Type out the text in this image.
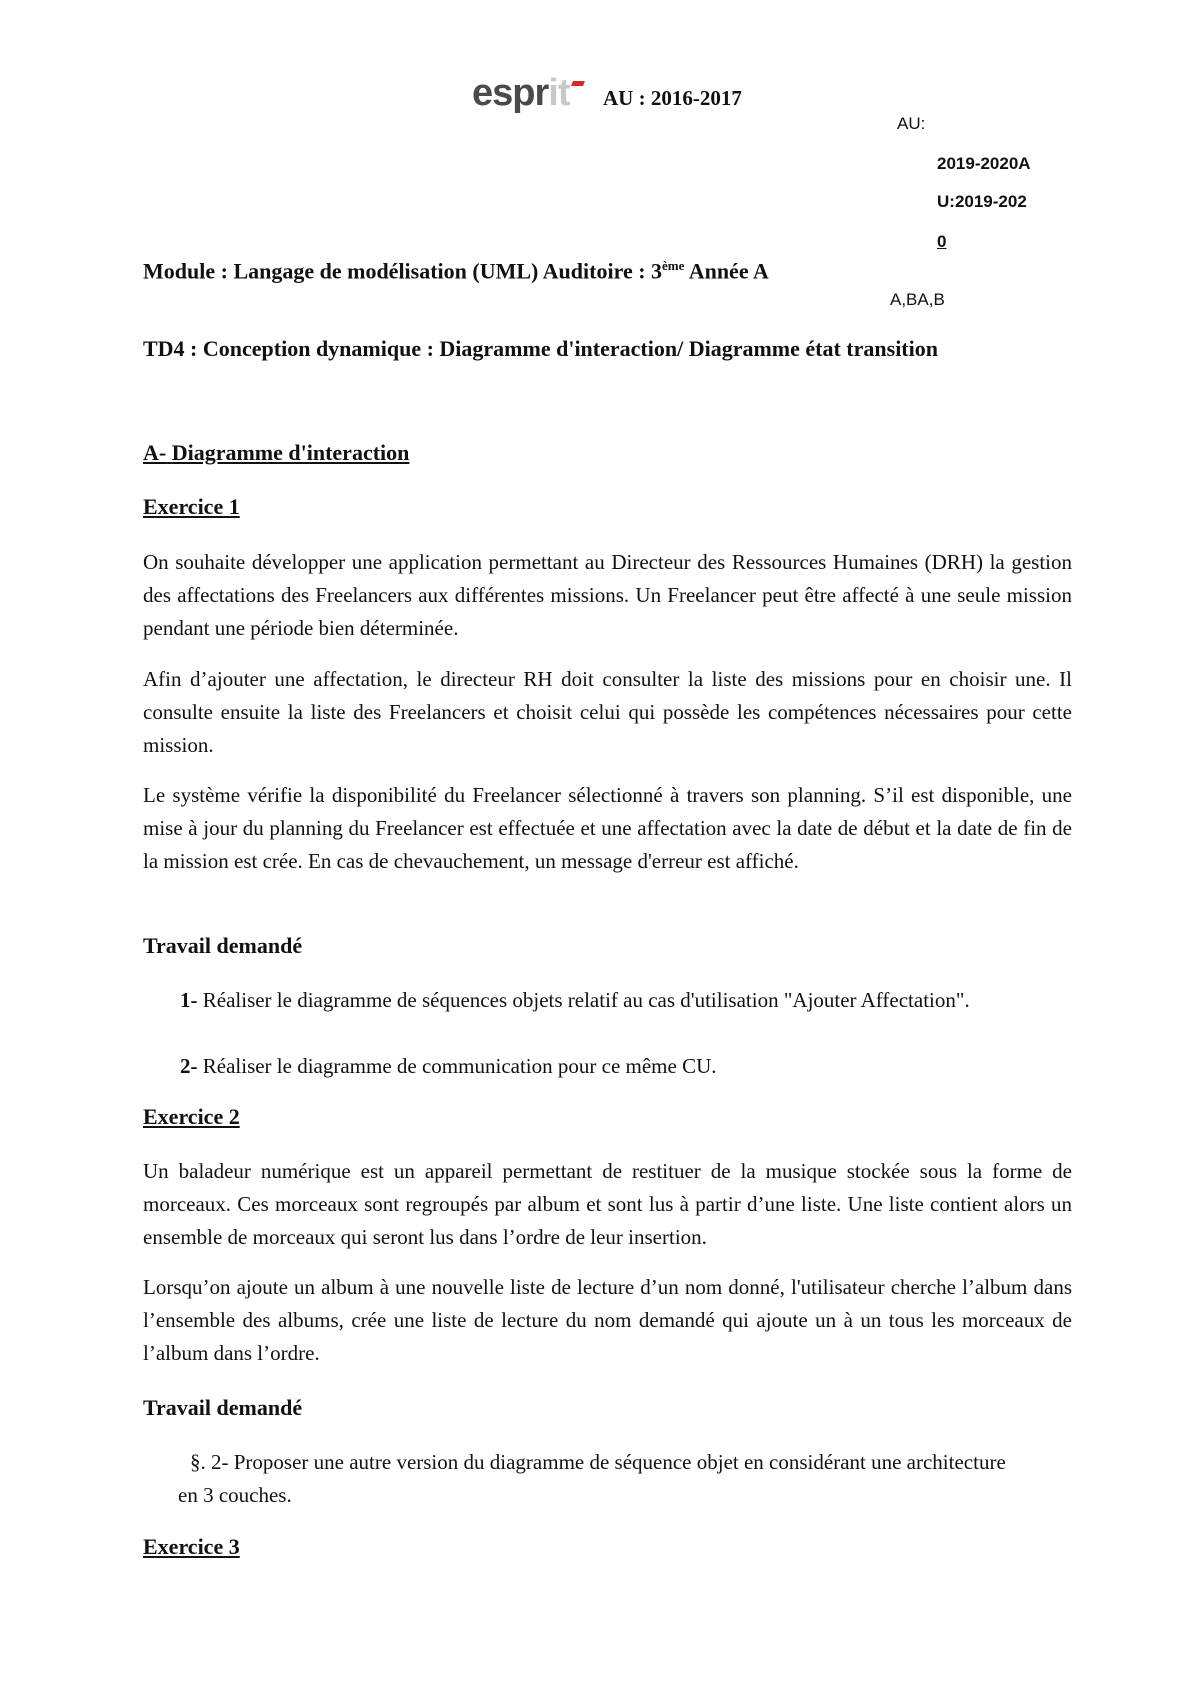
esprit AU : 2016-2017
AU:
2019-2020A
U:2019-202
0
A,BA,B
Module : Langage de modélisation (UML) Auditoire : 3ème Année A
TD4 : Conception dynamique : Diagramme d'interaction/ Diagramme état transition
A- Diagramme d'interaction
Exercice 1
On souhaite développer une application permettant au Directeur des Ressources Humaines (DRH) la gestion des affectations des Freelancers aux différentes missions. Un Freelancer peut être affecté à une seule mission pendant une période bien déterminée.
Afin d’ajouter une affectation, le directeur RH doit consulter la liste des missions pour en choisir une. Il consulte ensuite la liste des Freelancers et choisit celui qui possède les compétences nécessaires pour cette mission.
Le système vérifie la disponibilité du Freelancer sélectionné à travers son planning. S’il est disponible, une mise à jour du planning du Freelancer est effectuée et une affectation avec la date de début et la date de fin de la mission est crée. En cas de chevauchement, un message d'erreur est affiché.
Travail demandé
1- Réaliser le diagramme de séquences objets relatif au cas d'utilisation "Ajouter Affectation".
2- Réaliser le diagramme de communication pour ce même CU.
Exercice 2
Un baladeur numérique est un appareil permettant de restituer de la musique stockée sous la forme de morceaux. Ces morceaux sont regroupés par album et sont lus à partir d’une liste. Une liste contient alors un ensemble de morceaux qui seront lus dans l’ordre de leur insertion.
Lorsqu’on ajoute un album à une nouvelle liste de lecture d’un nom donné, l'utilisateur cherche l’album dans l’ensemble des albums, crée une liste de lecture du nom demandé qui ajoute un à un tous les morceaux de l’album dans l’ordre.
Travail demandé
§. 2- Proposer une autre version du diagramme de séquence objet en considérant une architecture en 3 couches.
Exercice 3
